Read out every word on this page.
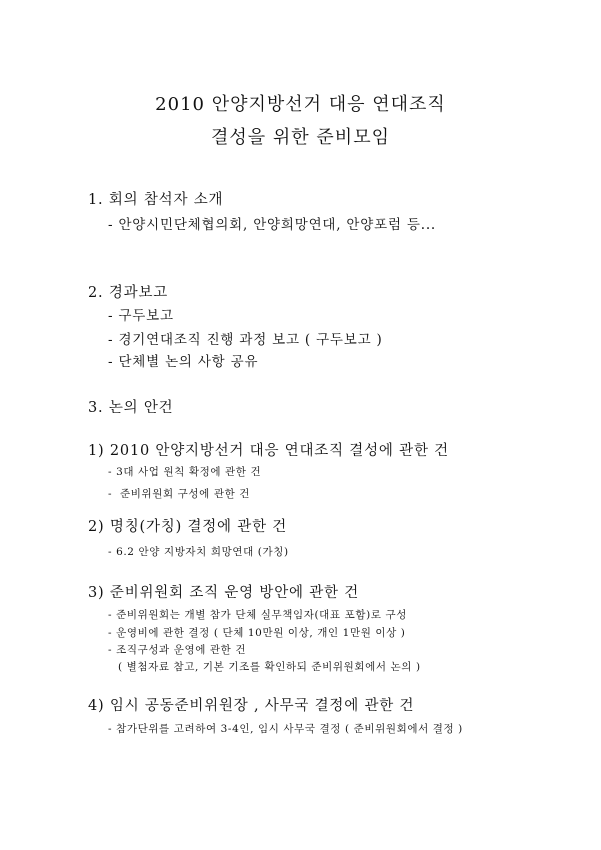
2010 안양지방선거 대응 연대조직
결성을 위한 준비모임
1. 회의 참석자 소개
- 안양시민단체협의회, 안양희망연대, 안양포럼 등...
2. 경과보고
- 구두보고
- 경기연대조직 진행 과정 보고 ( 구두보고 )
- 단체별 논의 사항 공유
3. 논의 안건
1) 2010 안양지방선거 대응 연대조직 결성에 관한 건
- 3대 사업 원칙 확정에 관한 건
-  준비위원회 구성에 관한 건
2) 명칭(가칭) 결정에 관한 건
- 6.2 안양 지방자치 희망연대 (가칭)
3) 준비위원회 조직 운영 방안에 관한 건
- 준비위원회는 개별 참가 단체 실무책임자(대표 포함)로 구성
- 운영비에 관한 결정 ( 단체 10만원 이상, 개인 1만원 이상 )
- 조직구성과 운영에 관한 건
( 별첨자료 참고, 기본 기조를 확인하되 준비위원회에서 논의 )
4) 임시 공동준비위원장 , 사무국 결정에 관한 건
- 참가단위를 고려하여 3-4인, 임시 사무국 결정 ( 준비위원회에서 결정 )
